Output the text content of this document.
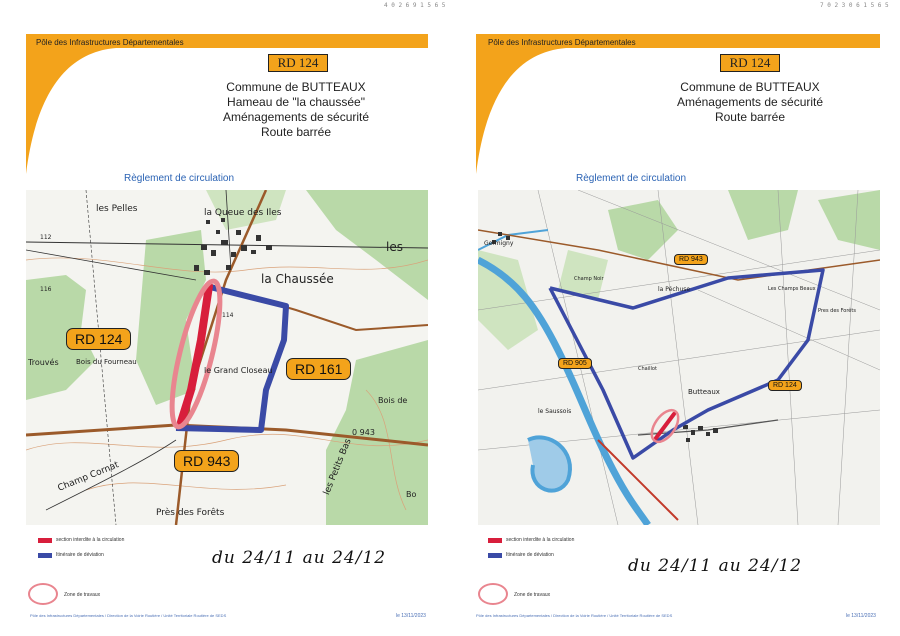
4 0 2 6 9 1 5 6 5
Pôle des Infrastructures Départementales
RD 124
Commune de BUTTEAUX
Hameau de "la chaussée"
Aménagements de sécurité
Route barrée
Règlement de circulation
RD 124
RD 161
RD 943
les Pelles	la Queue des Iles
les
la Chaussée
Bois du Fourneau
le Grand Closeau
Trouvés
Champ Cornat
Près des Forêts
les Petits Bas
Bois de
Bo
0 943
112
114
116
section interdite à la circulation
Itinéraire de déviation	du 24/11 au 24/12
Zone de travaux
Pôle des Infrastructures Départementales / Direction de la Voirie Routière / Unité Territoriale Routière de SEDS	le 13/11/2023
7 0 2 3 0 6 1 5 6 5
Pôle des Infrastructures Départementales
RD 124
Commune de BUTTEAUX
Aménagements de sécurité
Route barrée
Règlement de circulation
RD 943
RD 905
RD 124
Germigny
la Péchuse
Butteaux
le Saussois
Les Champs Beaux
Pres des Forêts
Champ Noir
Chaillot
section interdite à la circulation
Itinéraire de déviation
du 24/11 au 24/12
Zone de travaux
Pôle des Infrastructures Départementales / Direction de la Voirie Routière / Unité Territoriale Routière de SEDS	le 13/11/2023
